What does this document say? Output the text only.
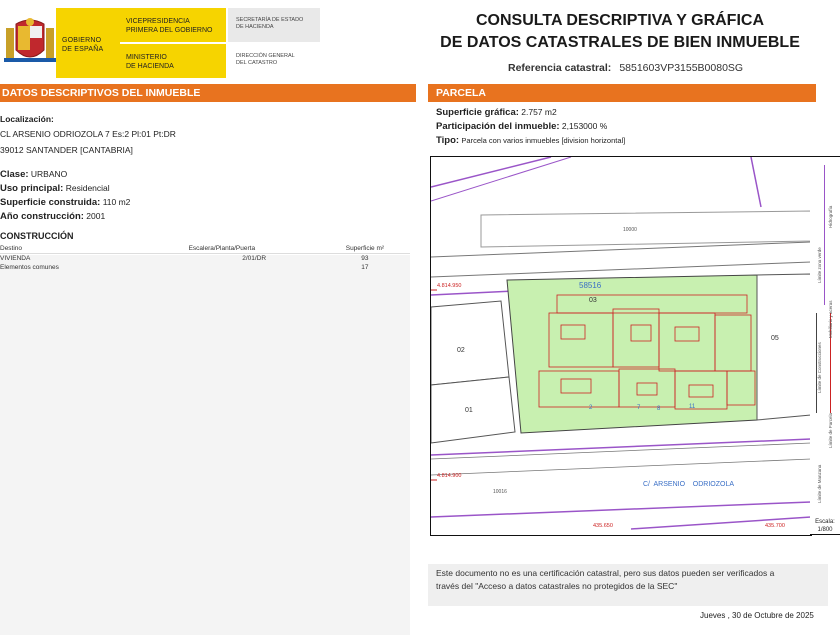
GOBIERNO
DE ESPAÑA
VICEPRESIDENCIA
PRIMERA DEL GOBIERNO
MINISTERIO
DE HACIENDA
SECRETARÍA DE ESTADO
DE HACIENDA
DIRECCIÓN GENERAL
DEL CATASTRO
CONSULTA DESCRIPTIVA Y GRÁFICA
DE DATOS CATASTRALES DE BIEN INMUEBLE
Referencia catastral: 5851603VP3155B0080SG
DATOS DESCRIPTIVOS DEL INMUEBLE
Localización:
CL ARSENIO ODRIOZOLA 7 Es:2 Pl:01 Pt:DR
39012 SANTANDER [CANTABRIA]
Clase: URBANO
Uso principal: Residencial
Superficie construida: 110 m2
Año construcción: 2001
CONSTRUCCIÓN
Destino	Escalera/Planta/Puerta	Superficie m²
VIVIENDA	2/01/DR	93
Elementos comunes		17
PARCELA
Superficie gráfica: 2.757 m2
Participación del inmueble: 2,153000 %
Tipo: Parcela con varios inmuebles [division horizontal]
58516
03
02
01
05
2	7	8	11
C/  ARSENIO    ODRIOZOLA
4.814.950
4.814.900
435.650	435.700
10016
10000
Límite de Manzana
Límite de Parcela
Límite de Construcciones
Mobiliario y aceras
Límite zona verde
Hidrografía
Escala:
1/800
Este documento no es una certificación catastral, pero sus datos pueden ser verificados a
través del "Acceso a datos catastrales no protegidos de la SEC"
Jueves , 30 de Octubre de 2025
